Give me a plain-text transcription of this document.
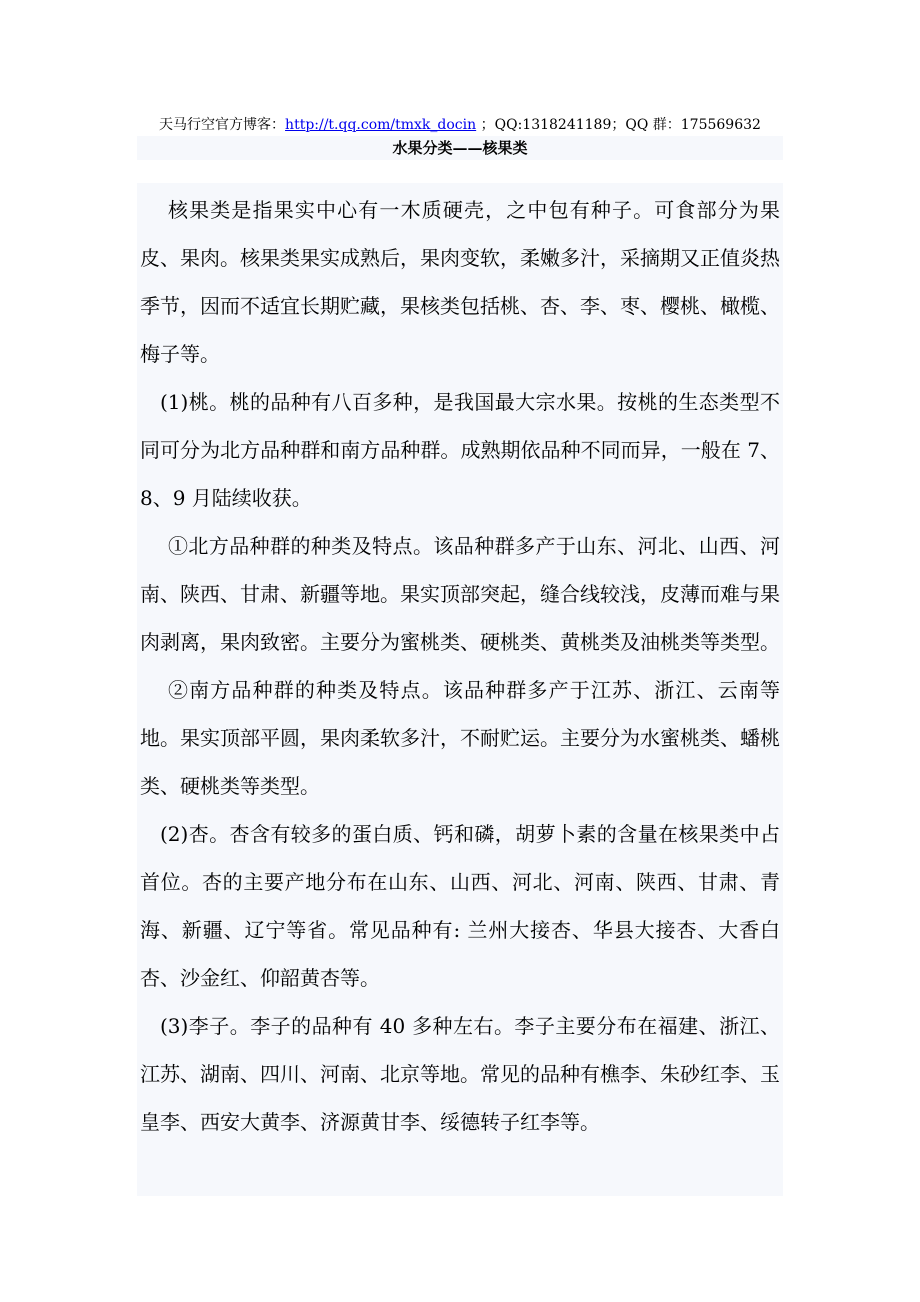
天马行空官方博客：http://t.qq.com/tmxk_docin ；QQ:1318241189；QQ 群：175569632
水果分类——核果类

核果类是指果实中心有一木质硬壳，之中包有种子。可食部分为果皮、果肉。核果类果实成熟后，果肉变软，柔嫩多汁，采摘期又正值炎热季节，因而不适宜长期贮藏，果核类包括桃、杏、李、枣、樱桃、橄榄、梅子等。

(1)桃。桃的品种有八百多种，是我国最大宗水果。按桃的生态类型不同可分为北方品种群和南方品种群。成熟期依品种不同而异，一般在 7、8、9 月陆续收获。

①北方品种群的种类及特点。该品种群多产于山东、河北、山西、河南、陕西、甘肃、新疆等地。果实顶部突起，缝合线较浅，皮薄而难与果肉剥离，果肉致密。主要分为蜜桃类、硬桃类、黄桃类及油桃类等类型。

②南方品种群的种类及特点。该品种群多产于江苏、浙江、云南等地。果实顶部平圆，果肉柔软多汁，不耐贮运。主要分为水蜜桃类、蟠桃类、硬桃类等类型。

(2)杏。杏含有较多的蛋白质、钙和磷，胡萝卜素的含量在核果类中占首位。杏的主要产地分布在山东、山西、河北、河南、陕西、甘肃、青海、新疆、辽宁等省。常见品种有: 兰州大接杏、华县大接杏、大香白杏、沙金红、仰韶黄杏等。

(3)李子。李子的品种有 40 多种左右。李子主要分布在福建、浙江、江苏、湖南、四川、河南、北京等地。常见的品种有樵李、朱砂红李、玉皇李、西安大黄李、济源黄甘李、绥德转子红李等。
